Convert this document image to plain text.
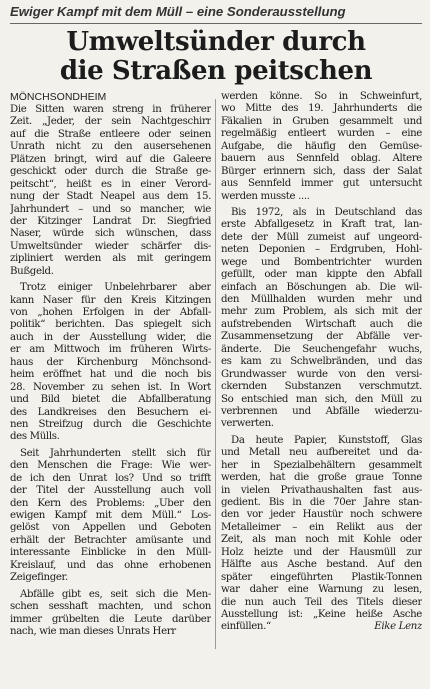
Ewiger Kampf mit dem Müll – eine Sonderausstellung
Umweltsünder durch
die Straßen peitschen
MÖNCHSONDHEIM
Die Sitten waren streng in früherer
Zeit. „Jeder, der sein Nachtgeschirr
auf die Straße entleere oder seinen
Unrath nicht zu den ausersehenen
Plätzen bringt, wird auf die Galeere
geschickt oder durch die Straße ge-
peitscht“, heißt es in einer Verord-
nung der Stadt Neapel aus dem 15.
Jahrhundert – und so mancher, wie
der Kitzinger Landrat Dr. Siegfried
Naser, würde sich wünschen, dass
Umweltsünder wieder schärfer dis-
zipliniert werden als mit geringem
Bußgeld.
Trotz einiger Unbelehrbarer aber
kann Naser für den Kreis Kitzingen
von „hohen Erfolgen in der Abfall-
politik“ berichten. Das spiegelt sich
auch in der Ausstellung wider, die
er am Mittwoch im früheren Wirts-
haus der Kirchenburg Mönchsond-
heim eröffnet hat und die noch bis
28. November zu sehen ist. In Wort
und Bild bietet die Abfallberatung
des Landkreises den Besuchern ei-
nen Streifzug durch die Geschichte
des Mülls.
Seit Jahrhunderten stellt sich für
den Menschen die Frage: Wie wer-
de ich den Unrat los? Und so trifft
der Titel der Ausstellung auch voll
den Kern des Problems: „Über den
ewigen Kampf mit dem Müll.“ Los-
gelöst von Appellen und Geboten
erhält der Betrachter amüsante und
interessante Einblicke in den Müll-
Kreislauf, und das ohne erhobenen
Zeigefinger.
Abfälle gibt es, seit sich die Men-
schen sesshaft machten, und schon
immer grübelten die Leute darüber
nach, wie man dieses Unrats Herr
werden könne. So in Schweinfurt,
wo Mitte des 19. Jahrhunderts die
Fäkalien in Gruben gesammelt und
regelmäßig entleert wurden – eine
Aufgabe, die häufig den Gemüse-
bauern aus Sennfeld oblag. Ältere
Bürger erinnern sich, dass der Salat
aus Sennfeld immer gut untersucht
werden musste ....
Bis 1972, als in Deutschland das
erste Abfallgesetz in Kraft trat, lan-
dete der Müll zumeist auf ungeord-
neten Deponien – Erdgruben, Hohl-
wege und Bombentrichter wurden
gefüllt, oder man kippte den Abfall
einfach an Böschungen ab. Die wil-
den Müllhalden wurden mehr und
mehr zum Problem, als sich mit der
aufstrebenden Wirtschaft auch die
Zusammensetzung der Abfälle ver-
änderte. Die Seuchengefahr wuchs,
es kam zu Schwelbränden, und das
Grundwasser wurde von den versi-
ckernden Substanzen verschmutzt.
So entschied man sich, den Müll zu
verbrennen und Abfälle wiederzu-
verwerten.
Da heute Papier, Kunststoff, Glas
und Metall neu aufbereitet und da-
her in Spezialbehältern gesammelt
werden, hat die große graue Tonne
in vielen Privathaushalten fast aus-
gedient. Bis in die 70er Jahre stan-
den vor jeder Haustür noch schwere
Metalleimer – ein Relikt aus der
Zeit, als man noch mit Kohle oder
Holz heizte und der Hausmüll zur
Hälfte aus Asche bestand. Auf den
später eingeführten Plastik-Tonnen
war daher eine Warnung zu lesen,
die nun auch Teil des Titels dieser
Ausstellung ist: „Keine heiße Asche
einfüllen.“	Eike Lenz
